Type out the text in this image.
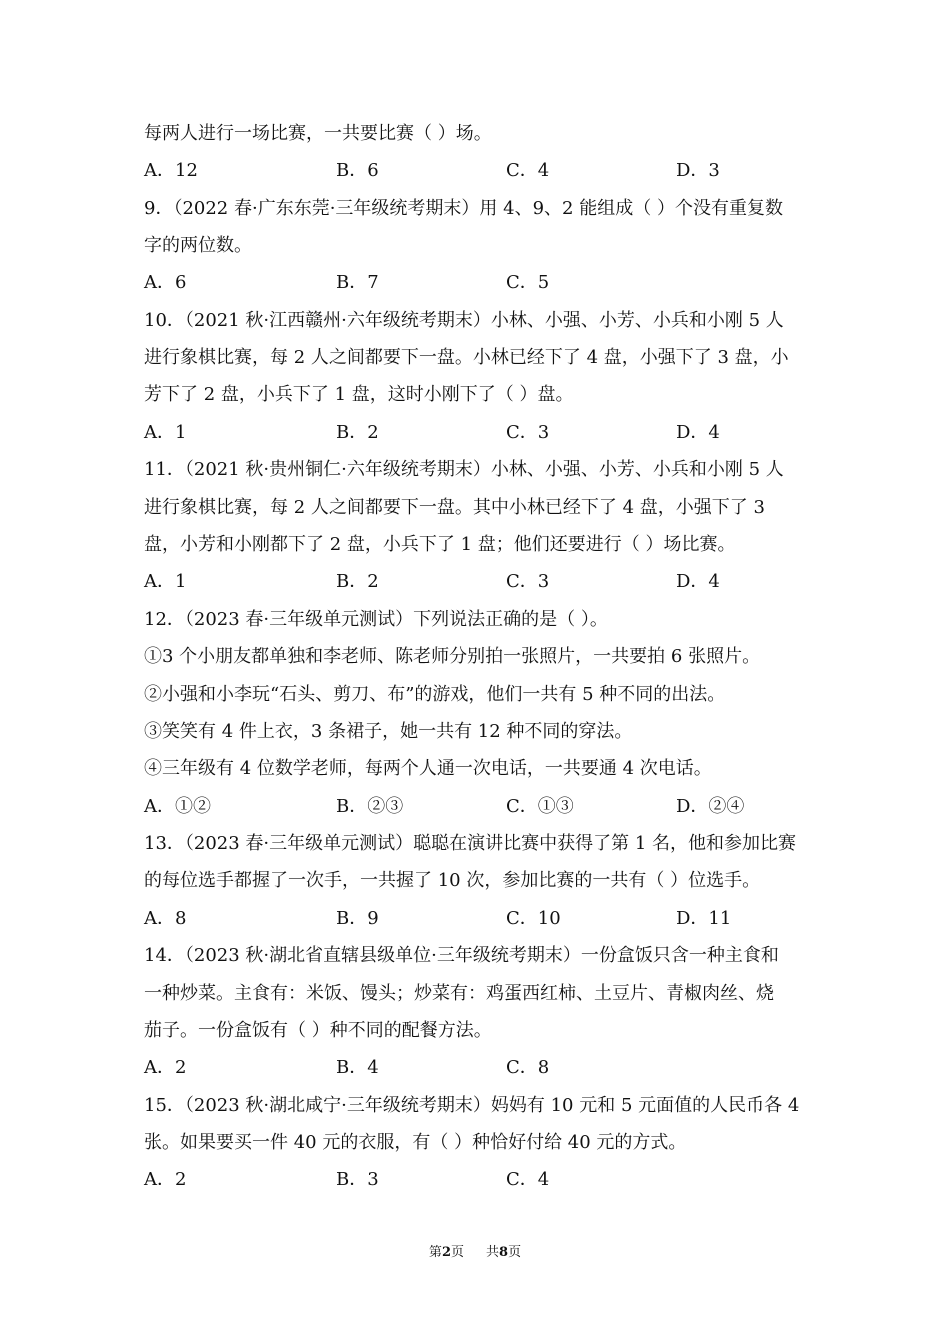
每两人进行一场比赛，一共要比赛（ ）场。
A．12	B．6	C．4	D．3
9．（2022 春·广东东莞·三年级统考期末）用 4、9、2 能组成（ ）个没有重复数
字的两位数。
A．6	B．7	C．5
10．（2021 秋·江西赣州·六年级统考期末）小林、小强、小芳、小兵和小刚 5 人
进行象棋比赛，每 2 人之间都要下一盘。小林已经下了 4 盘，小强下了 3 盘，小
芳下了 2 盘，小兵下了 1 盘，这时小刚下了（ ）盘。
A．1	B．2	C．3	D．4
11．（2021 秋·贵州铜仁·六年级统考期末）小林、小强、小芳、小兵和小刚 5 人
进行象棋比赛，每 2 人之间都要下一盘。其中小林已经下了 4 盘，小强下了 3
盘，小芳和小刚都下了 2 盘，小兵下了 1 盘；他们还要进行（ ）场比赛。
A．1	B．2	C．3	D．4
12．（2023 春·三年级单元测试）下列说法正确的是（ ）。
①3 个小朋友都单独和李老师、陈老师分别拍一张照片，一共要拍 6 张照片。
②小强和小李玩“石头、剪刀、布”的游戏，他们一共有 5 种不同的出法。
③笑笑有 4 件上衣，3 条裙子，她一共有 12 种不同的穿法。
④三年级有 4 位数学老师，每两个人通一次电话，一共要通 4 次电话。
A．①②	B．②③	C．①③	D．②④
13．（2023 春·三年级单元测试）聪聪在演讲比赛中获得了第 1 名，他和参加比赛
的每位选手都握了一次手，一共握了 10 次，参加比赛的一共有（ ）位选手。
A．8	B．9	C．10	D．11
14．（2023 秋·湖北省直辖县级单位·三年级统考期末）一份盒饭只含一种主食和
一种炒菜。主食有：米饭、馒头；炒菜有：鸡蛋西红柿、土豆片、青椒肉丝、烧
茄子。一份盒饭有（ ）种不同的配餐方法。
A．2	B．4	C．8
15．（2023 秋·湖北咸宁·三年级统考期末）妈妈有 10 元和 5 元面值的人民币各 4
张。如果要买一件 40 元的衣服，有（ ）种恰好付给 40 元的方式。
A．2	B．3	C．4
第2页 共8页
